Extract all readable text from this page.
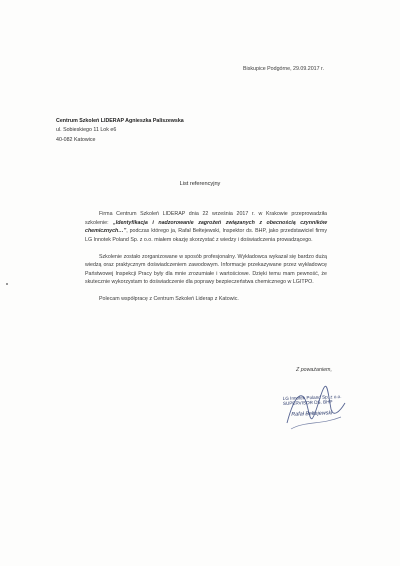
Biskupice Podgórne, 29.09.2017 r.
Centrum Szkoleń LIDERAP Agnieszka Paliszewska
ul. Sobieskiego 11 Lok e6
40-082 Katowice
List referencyjny

Firma Centrum Szkoleń LIDERAP dnia 22 września 2017 r. w Krakowie przeprowadziła szkolenie: „Identyfikacja i nadzorowanie zagrożeń związanych z obecnością czynników chemicznych…”, podczas którego ja, Rafał Bełtejewski, Inspektor ds. BHP, jako przedstawiciel firmy LG Innotek Poland Sp. z o.o. miałem okazję skorzystać z wiedzy i doświadczenia prowadzącego.

Szkolenie zostało zorganizowane w sposób profesjonalny. Wykładowca wykazał się bardzo dużą wiedzą oraz praktycznym doświadczeniem zawodowym. Informacje przekazywane przez wykładowcę Państwowej Inspekcji Pracy były dla mnie zrozumiałe i wartościowe. Dzięki temu mam pewność, że skutecznie wykorzystam to doświadczenie dla poprawy bezpieczeństwa chemicznego w LGITPO.

Polecam współpracę z Centrum Szkoleń Liderap z Katowic.

Z poważaniem,
LG Innotek Poland Sp. z o.o.
SUPERVISOR DS. BHP
Rafał Bełtejewski
